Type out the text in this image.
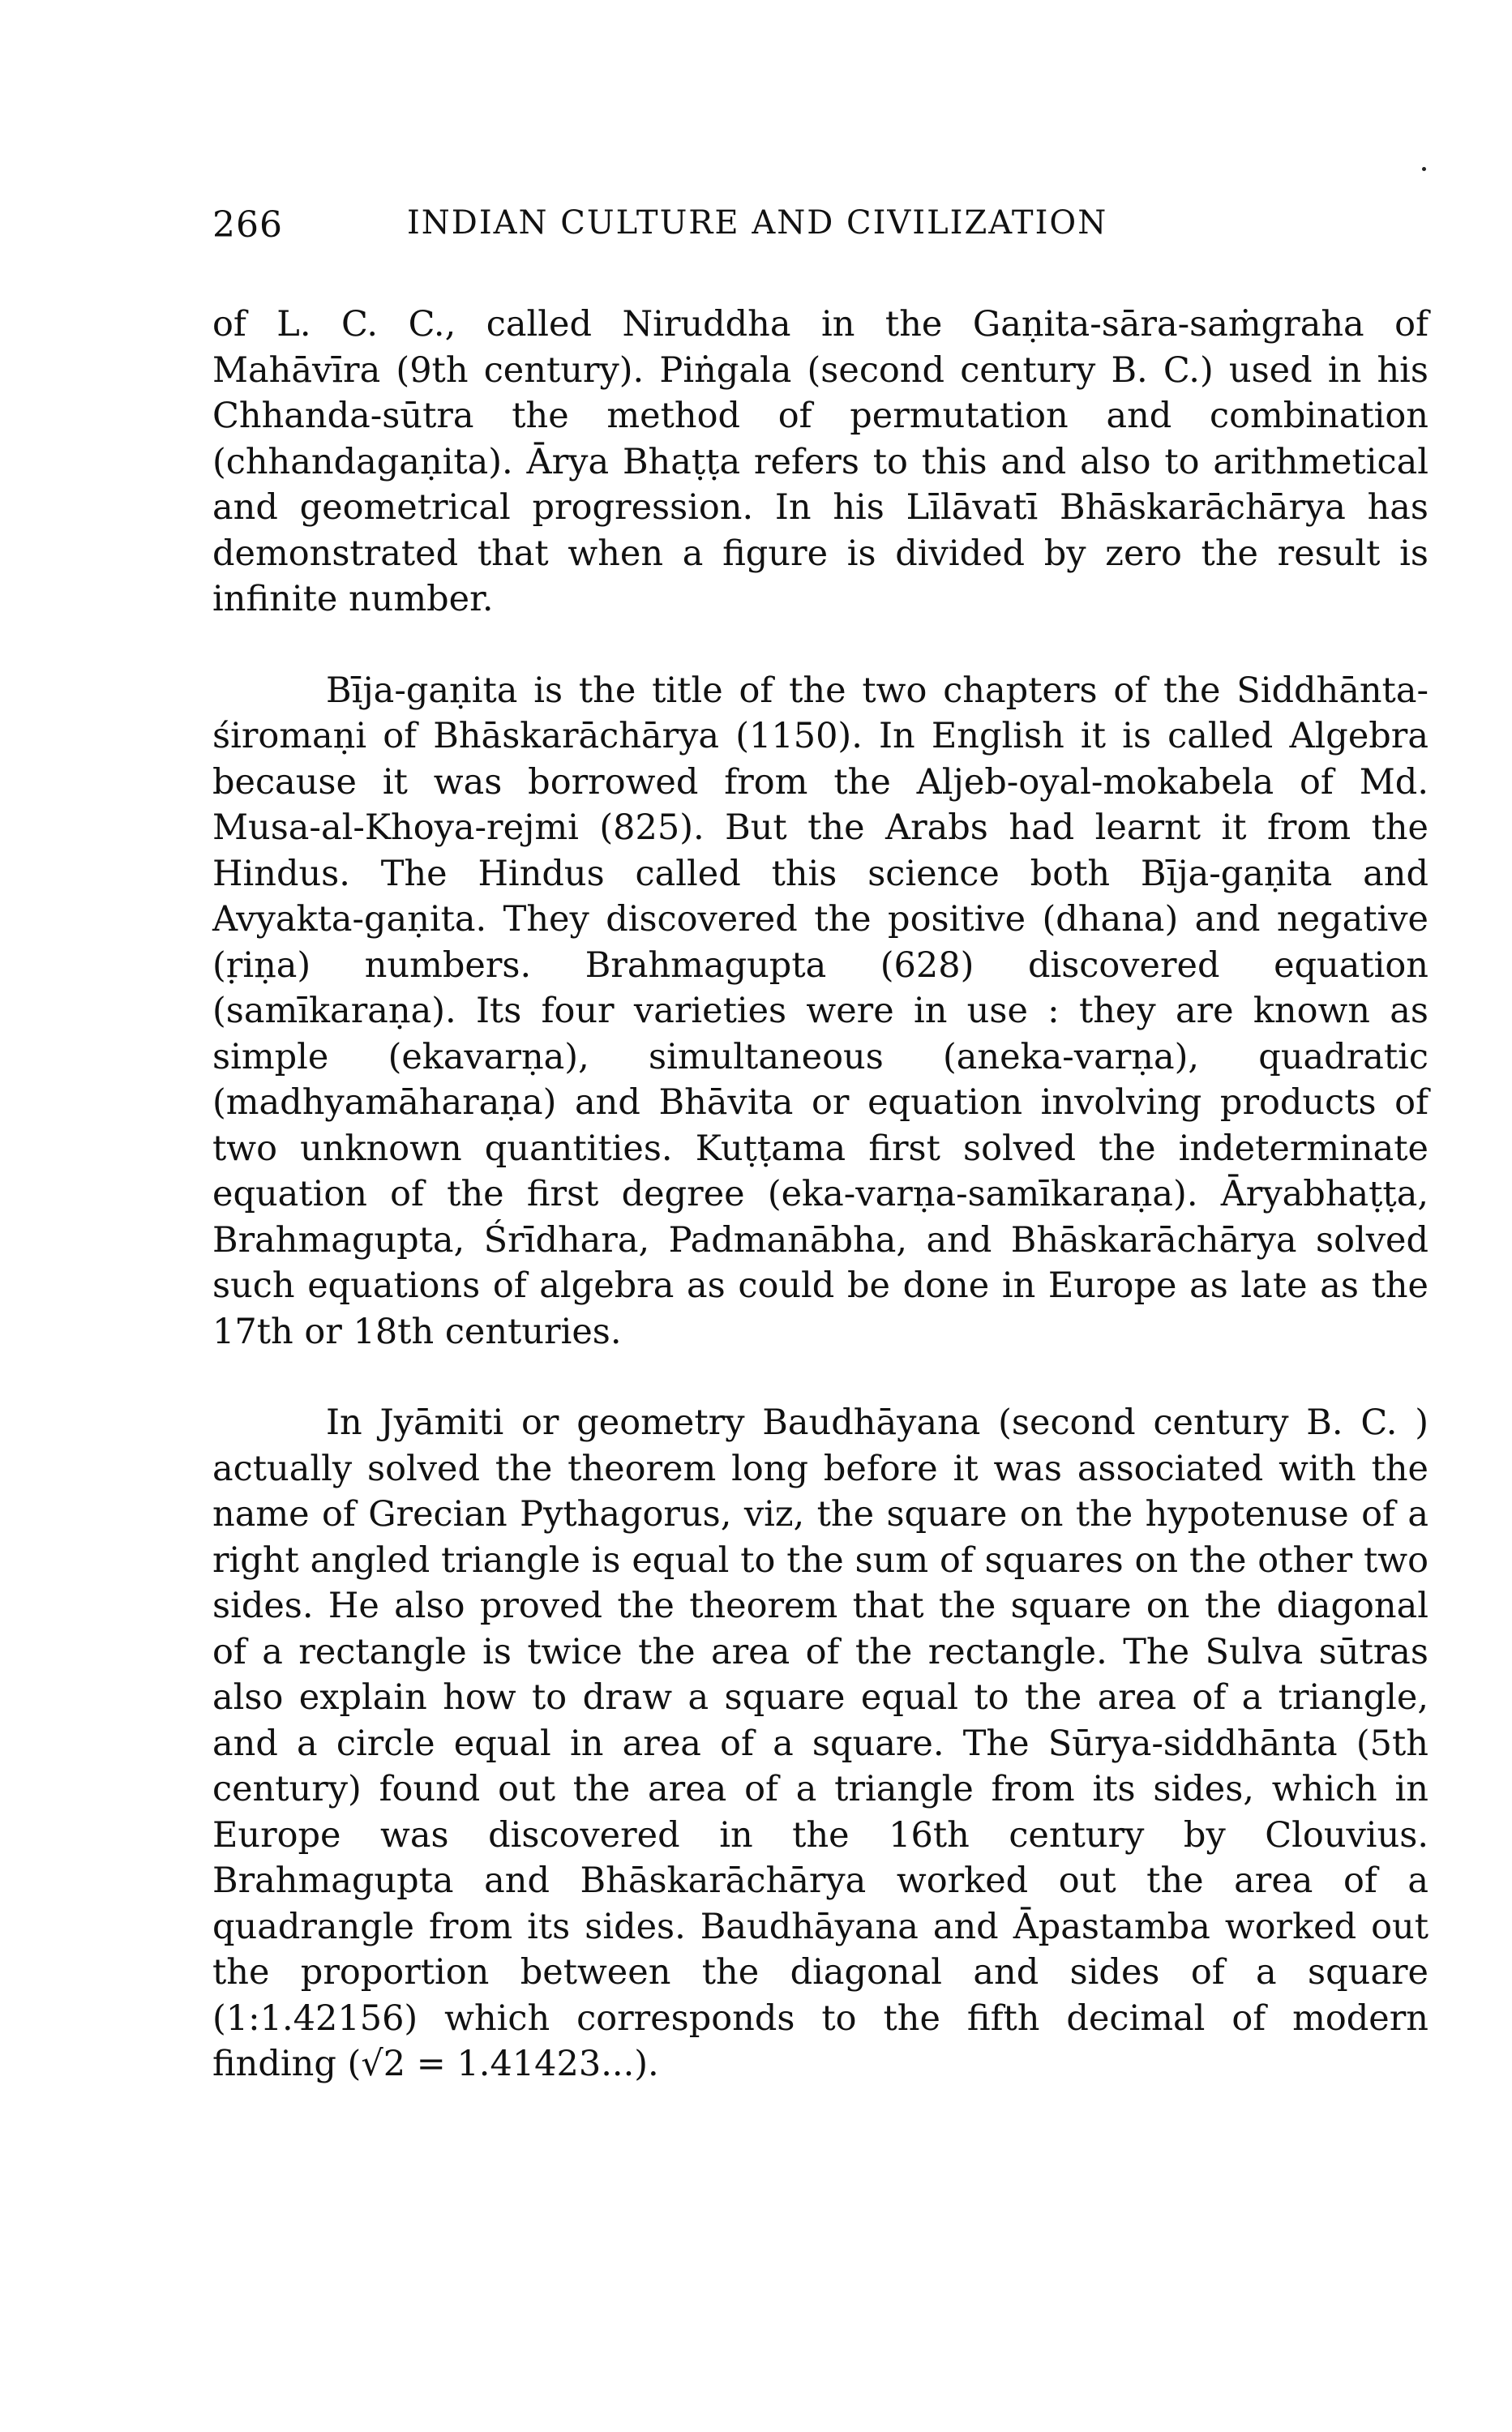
266	INDIAN CULTURE AND CIVILIZATION

of L. C. C., called Niruddha in the Gaṇita-sāra-saṁgraha of Mahāvīra (9th century). Piṅgala (second century B. C.) used in his Chhanda-sūtra the method of permutation and combination (chhandagaṇita). Ārya Bhaṭṭa refers to this and also to arithmetical and geometrical progression. In his Līlāvatī Bhāskarāchārya has demonstrated that when a figure is divided by zero the result is infinite number.

Bīja-gaṇita is the title of the two chapters of the Siddhānta-śiromaṇi of Bhāskarāchārya (1150). In English it is called Algebra because it was borrowed from the Aljeb-oyal-mokabela of Md. Musa-al-Khoya-rejmi (825). But the Arabs had learnt it from the Hindus. The Hindus called this science both Bīja-gaṇita and Avyakta-gaṇita. They discovered the positive (dhana) and negative (ṛiṇa) numbers. Brahmagupta (628) discovered equation (samīkaraṇa). Its four varieties were in use : they are known as simple (ekavarṇa), simultaneous (aneka-varṇa), quadratic (madhyamāharaṇa) and Bhāvita or equation involving products of two unknown quantities. Kuṭṭama first solved the indeterminate equation of the first degree (eka-varṇa-samīkaraṇa). Āryabhaṭṭa, Brahmagupta, Śrīdhara, Padmanābha, and Bhāskarāchārya solved such equations of algebra as could be done in Europe as late as the 17th or 18th centuries.

In Jyāmiti or geometry Baudhāyana (second century B. C. ) actually solved the theorem long before it was associated with the name of Grecian Pythagorus, viz, the square on the hypotenuse of a right angled triangle is equal to the sum of squares on the other two sides. He also proved the theorem that the square on the diagonal of a rectangle is twice the area of the rectangle. The Sulva sūtras also explain how to draw a square equal to the area of a triangle, and a circle equal in area of a square. The Sūrya-siddhānta (5th century) found out the area of a triangle from its sides, which in Europe was discovered in the 16th century by Clouvius. Brahmagupta and Bhāskarāchārya worked out the area of a quadrangle from its sides. Baudhāyana and Āpastamba worked out the proportion between the diagonal and sides of a square (1:1.42156) which corresponds to the fifth decimal of modern finding (√2 = 1.41423...).
